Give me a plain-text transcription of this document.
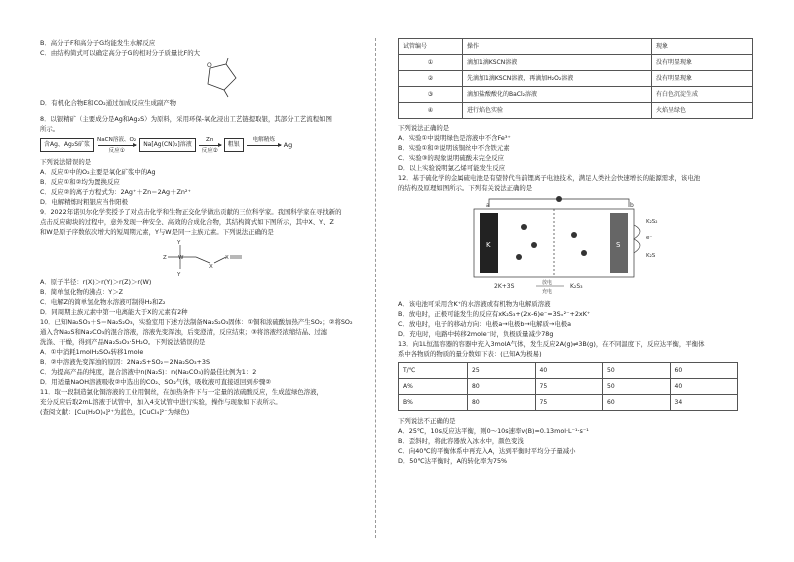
B．高分子F和高分子G均能发生水解反应
C．由结构简式可以确定高分子G的相对分子质量比F的大
O
D．有机化合物E和CO₂通过加成反应生成副产物
8．以银精矿（主要成分是Ag和Ag₂S）为原料，采用环保-氧化浸出工艺链提取银，其部分工艺流程如图
所示。
含Ag、Ag₂S矿浆
NaCN溶液、O₂
反应①
Na[Ag(CN)₂]溶液
Zn
反应②
粗银
电解精炼

Ag
下列说法错误的是
A．反应①中的O₂主要是氧化矿浆中的Ag
B．反应①和②均为置换反应
C．反应②的离子方程式为：2Ag⁺＋Zn＝2Ag＋Zn²⁺
D．电解精炼时粗银应当作阳极
9．2022年诺贝尔化学奖授予了对点击化学和生物正交化学做出贡献的三位科学家。我国科学家在寻找新的
点击反应砌块的过程中，意外发现一种安全、高效的合成化合物，其结构简式如下图所示，其中X、Y、Z
和W是原子序数依次增大的短周期元素，Y与W是同一主族元素。下列说法正确的是
Y
Y
Z W
X
X
A．原子半径：r(X)＞r(Y)＞r(Z)＞r(W)
B．简单氢化物的沸点：Y＞Z
C．电解Z的简单氢化物水溶液可制得H₂和Z₂
D．同周期主族元素中第一电离能大于X的元素有2种
10．已知Na₂SO₃＋S＝Na₂S₂O₃，实验室用下述方法制备Na₂S₂O₃固体：①铜和浓硫酸加热产生SO₂；②将SO₂
通入含Na₂S和Na₂CO₃的混合溶液，溶液先变浑浊，后变澄清，反应结束；③将溶液经浓缩结晶、过滤
洗涤、干燥，得到产品Na₂S₂O₃·5H₂O。下列说法错误的是
A．①中消耗1molH₂SO₄转移1mole
B．②中溶液先变浑浊的原因：2Na₂S+SO₂＝2Na₂SO₃+3S
C．为提高产品的纯度，混合溶液中n(Na₂S)：n(Na₂CO₃)的最佳比例为1：2
D．用适量NaOH溶液吸收②中选出的CO₂、SO₂气体，吸收液可直接返回到步骤②
11．取一段制造氯化铜溶液的工业用铜丝，在加热条件下与一定量的浓硫酸反应，生成蓝绿色溶液，
充分反应后取2mL溶液于试管中，加入4支试管中进行实验，操作与现象如下表所示。
(查阅文献：[Cu(H₂O)₄]²⁺为蓝色，[CuCl₄]²⁻为绿色)
试管编号	操作	现象
①	滴加1滴KSCN溶液	没有明显现象
②	先滴加1滴KSCN溶液，再滴加H₂O₂溶液	没有明显现象
③	滴加盐酸酸化的BaCl₂溶液	有白色沉淀生成
④	进行焰色实验	火焰呈绿色
下列说法正确的是
A．实验①中说明绿色是溶液中不含Fe³⁺
B．实验①和②说明该铜丝中不含铁元素
C．实验③的现象说明硫酸未完全反应
D．以上实验说明氯乙烯可能发生反应
12．基于硫化学的金属硫电池是有望替代当前锂离子电池技术，满足人类社会快速增长的能源需求，该电池
的结构及原理如图所示。下列有关说法正确的是
a	b
K	S
K₂S₂
e⁻
K₂S
2K+3S	放电
充电
K₂S₃
A．该电池可采用含K⁺的水溶液或有机物为电解质溶液
B．放电时，正极可能发生的反应有xK₂S₃+(2x-6)e⁻=3Sₓ²⁻+2xK⁺
C．放电时，电子的移动方向：电极a→电极b→电解质→电极a
D．充电时，电路中转移2mole⁻时，负极质量减少78g
13．向1L恒温容器的容器中充入3molA气体，发生反应2A(g)⇌3B(g)，在不同温度下，反应达平衡，平衡体
系中各物质的物质的量分数如下表：(已知A为极易)
T/℃	25	40	50	60
A%	80	75	50	40
B%	80	75	60	34
下列说法不正确的是
A．25℃，10s反应达平衡，则0～10s速率v(B)=0.13mol·L⁻¹·s⁻¹
B．歪斜时，将此容器放入冰水中，颜色变浅
C．向40℃的平衡体系中再充入A，达到平衡时平均分子量减小
D．50℃达平衡时，A的转化率为75%
